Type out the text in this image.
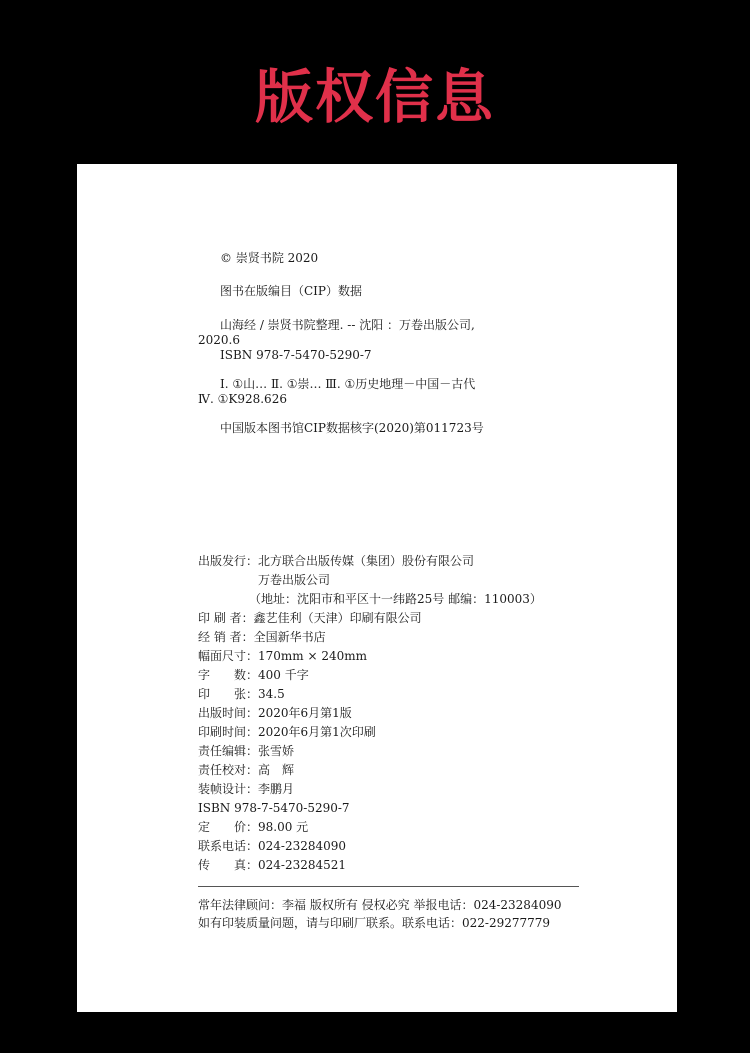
版权信息
© 崇贤书院 2020
图书在版编目（CIP）数据
山海经 / 崇贤书院整理. -- 沈阳 ：万卷出版公司,
2020.6
ISBN 978-7-5470-5290-7
Ⅰ. ①山… Ⅱ. ①崇… Ⅲ. ①历史地理－中国－古代
Ⅳ. ①K928.626
中国版本图书馆CIP数据核字(2020)第011723号
出版发行：北方联合出版传媒（集团）股份有限公司
万卷出版公司
（地址：沈阳市和平区十一纬路25号 邮编：110003）
印 刷 者：鑫艺佳利（天津）印刷有限公司
经 销 者：全国新华书店
幅面尺寸：170mm × 240mm
字　　数：400 千字
印　　张：34.5
出版时间：2020年6月第1版
印刷时间：2020年6月第1次印刷
责任编辑：张雪娇
责任校对：高　辉
装帧设计：李鹏月
ISBN 978-7-5470-5290-7
定　　价：98.00 元
联系电话：024-23284090
传　　真：024-23284521
常年法律顾问：李福 版权所有 侵权必究 举报电话：024-23284090
如有印装质量问题，请与印刷厂联系。联系电话：022-29277779
